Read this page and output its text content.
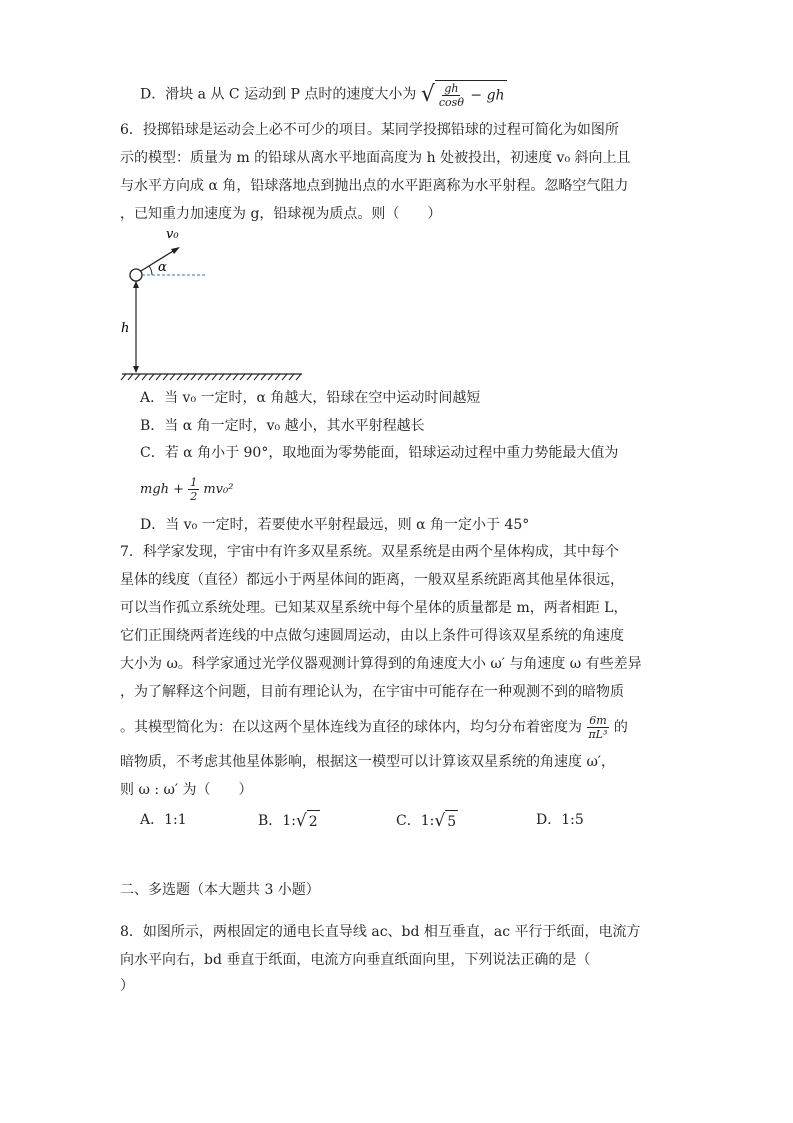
D．滑块 a 从 C 运动到 P 点时的速度大小为 √ $\frac{gh}{\cos\theta}$ − gh
6．投掷铅球是运动会上必不可少的项目。某同学投掷铅球的过程可简化为如图所
示的模型：质量为 m 的铅球从离水平地面高度为 h 处被投出，初速度 v₀ 斜向上且
与水平方向成 α 角，铅球落地点到抛出点的水平距离称为水平射程。忽略空气阻力
，已知重力加速度为 g，铅球视为质点。则（　　）
v₀
α
h
A．当 v₀ 一定时，α 角越大，铅球在空中运动时间越短
B．当 α 角一定时，v₀ 越小，其水平射程越长
C．若 α 角小于 90°，取地面为零势能面，铅球运动过程中重力势能最大值为
mgh + $\frac{1}{2} mv_0^2$
D．当 v₀ 一定时，若要使水平射程最远，则 α 角一定小于 45°
7．科学家发现，宇宙中有许多双星系统。双星系统是由两个星体构成，其中每个
星体的线度（直径）都远小于两星体间的距离，一般双星系统距离其他星体很远，
可以当作孤立系统处理。已知某双星系统中每个星体的质量都是 m，两者相距 L，
它们正围绕两者连线的中点做匀速圆周运动，由以上条件可得该双星系统的角速度
大小为 ω。科学家通过光学仪器观测计算得到的角速度大小 ω′ 与角速度 ω 有些差异
，为了解释这个问题，目前有理论认为，在宇宙中可能存在一种观测不到的暗物质
。其模型简化为：在以这两个星体连线为直径的球体内，均匀分布着密度为 $\frac{6m}{\text{πL³}}$ 的
暗物质，不考虑其他星体影响，根据这一模型可以计算该双星系统的角速度 ω′，
则 ω : ω′ 为（　　）
A．1:1	B．1: √ 2	C．1: √ 5	D．1:5
二、多选题（本大题共 3 小题）
8．如图所示，两根固定的通电长直导线 ac、bd 相互垂直，ac 平行于纸面，电流方
向水平向右，bd 垂直于纸面，电流方向垂直纸面向里，下列说法正确的是（
）
